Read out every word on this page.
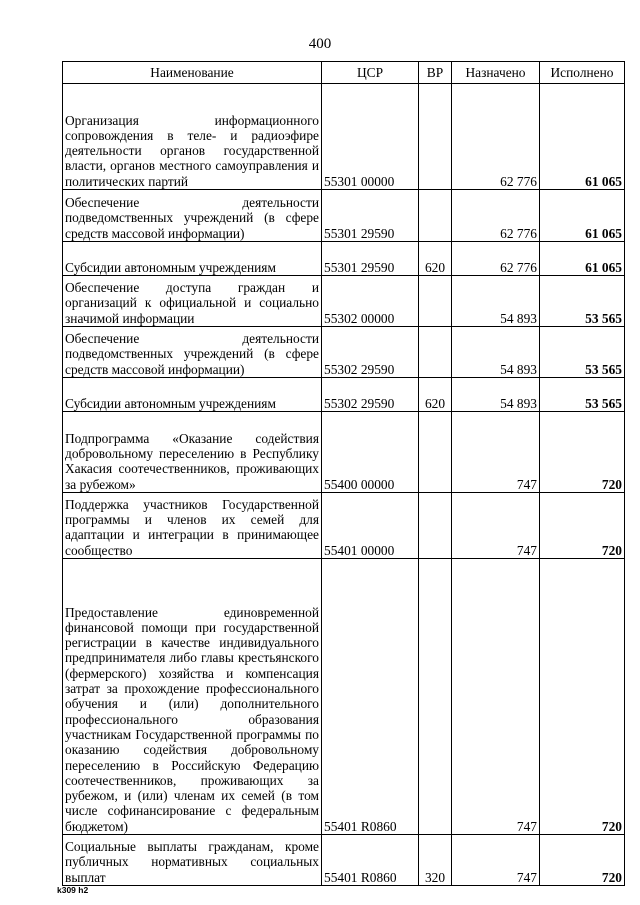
400
Наименование	ЦСР	ВР	Назначено	Исполнено
Организация информационного сопровождения в теле- и радиоэфире деятельности органов государственной власти, органов местного самоуправления и политических партий	55301 00000		62 776	61 065
Обеспечение деятельности подведомственных учреждений (в сфере средств массовой информации)	55301 29590		62 776	61 065
Субсидии автономным учреждениям	55301 29590	620	62 776	61 065
Обеспечение доступа граждан и организаций к официальной и социально значимой информации	55302 00000		54 893	53 565
Обеспечение деятельности подведомственных учреждений (в сфере средств массовой информации)	55302 29590		54 893	53 565
Субсидии автономным учреждениям	55302 29590	620	54 893	53 565
Подпрограмма «Оказание содействия добровольному переселению в Республику Хакасия соотечественников, проживающих за рубежом»	55400 00000		747	720
Поддержка участников Государственной программы и членов их семей для адаптации и интеграции в принимающее сообщество	55401 00000		747	720
Предоставление единовременной финансовой помощи при государственной регистрации в качестве индивидуального предпринимателя либо главы крестьянского (фермерского) хозяйства и компенсация затрат за прохождение профессионального обучения и (или) дополнительного профессионального образования участникам Государственной программы по оказанию содействия добровольному переселению в Российскую Федерацию соотечественников, проживающих за рубежом, и (или) членам их семей (в том числе софинансирование с федеральным бюджетом)	55401 R0860		747	720
Социальные выплаты гражданам, кроме публичных нормативных социальных выплат	55401 R0860	320	747	720
k309 h2
